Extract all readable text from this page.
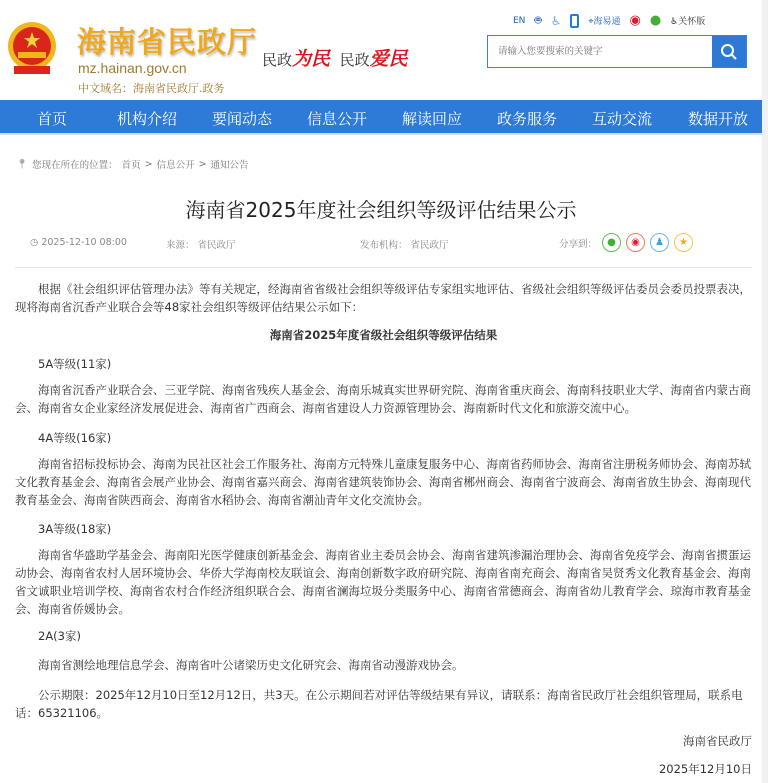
海南省民政厅
mz.hainan.gov.cn
中文域名：海南省民政厅.政务
民政为民 民政爱民
EN 🤖︎ ♿︎	⌖海易通 ◉ ● ♿︎关怀版
请输入您要搜索的关键字
首页	机构介绍 要闻动态 信息公开 解读回应 政务服务 互动交流 数据开放
📍︎ 您现在所在的位置： 首页 > 信息公开 > 通知公告
海南省2025年度社会组织等级评估结果公示
◷ 2025-12-10 08:00	来源： 省民政厅	发布机构： 省民政厅	分享到：	●	◉	♟	★

根据《社会组织评估管理办法》等有关规定，经海南省省级社会组织等级评估专家组实地评估、省级社会组织等级评估委员会委员投票表决，现将海南省沉香产业联合会等48家社会组织等级评估结果公示如下：

海南省2025年度省级社会组织等级评估结果

5A等级(11家)

海南省沉香产业联合会、三亚学院、海南省残疾人基金会、海南乐城真实世界研究院、海南省重庆商会、海南科技职业大学、海南省内蒙古商会、海南省女企业家经济发展促进会、海南省广西商会、海南省建设人力资源管理协会、海南新时代文化和旅游交流中心。

4A等级(16家)

海南省招标投标协会、海南为民社区社会工作服务社、海南方元特殊儿童康复服务中心、海南省药师协会、海南省注册税务师协会、海南苏轼文化教育基金会、海南省会展产业协会、海南省嘉兴商会、海南省建筑装饰协会、海南省郴州商会、海南省宁波商会、海南省放生协会、海南现代教育基金会、海南省陕西商会、海南省水稻协会、海南省潮汕青年文化交流协会。

3A等级(18家)

海南省华盛助学基金会、海南阳光医学健康创新基金会、海南省业主委员会协会、海南省建筑渗漏治理协会、海南省免疫学会、海南省掼蛋运动协会、海南省农村人居环境协会、华侨大学海南校友联谊会、海南创新数字政府研究院、海南省南充商会、海南省吴贤秀文化教育基金会、海南省文诚职业培训学校、海南省农村合作经济组织联合会、海南省澜海垃圾分类服务中心、海南省常德商会、海南省幼儿教育学会、琼海市教育基金会、海南省侨媛协会。

2A(3家)

海南省测绘地理信息学会、海南省叶公诸梁历史文化研究会、海南省动漫游戏协会。

公示期限：2025年12月10日至12月12日，共3天。在公示期间若对评估等级结果有异议，请联系：海南省民政厅社会组织管理局，联系电话：65321106。

海南省民政厅

2025年12月10日
